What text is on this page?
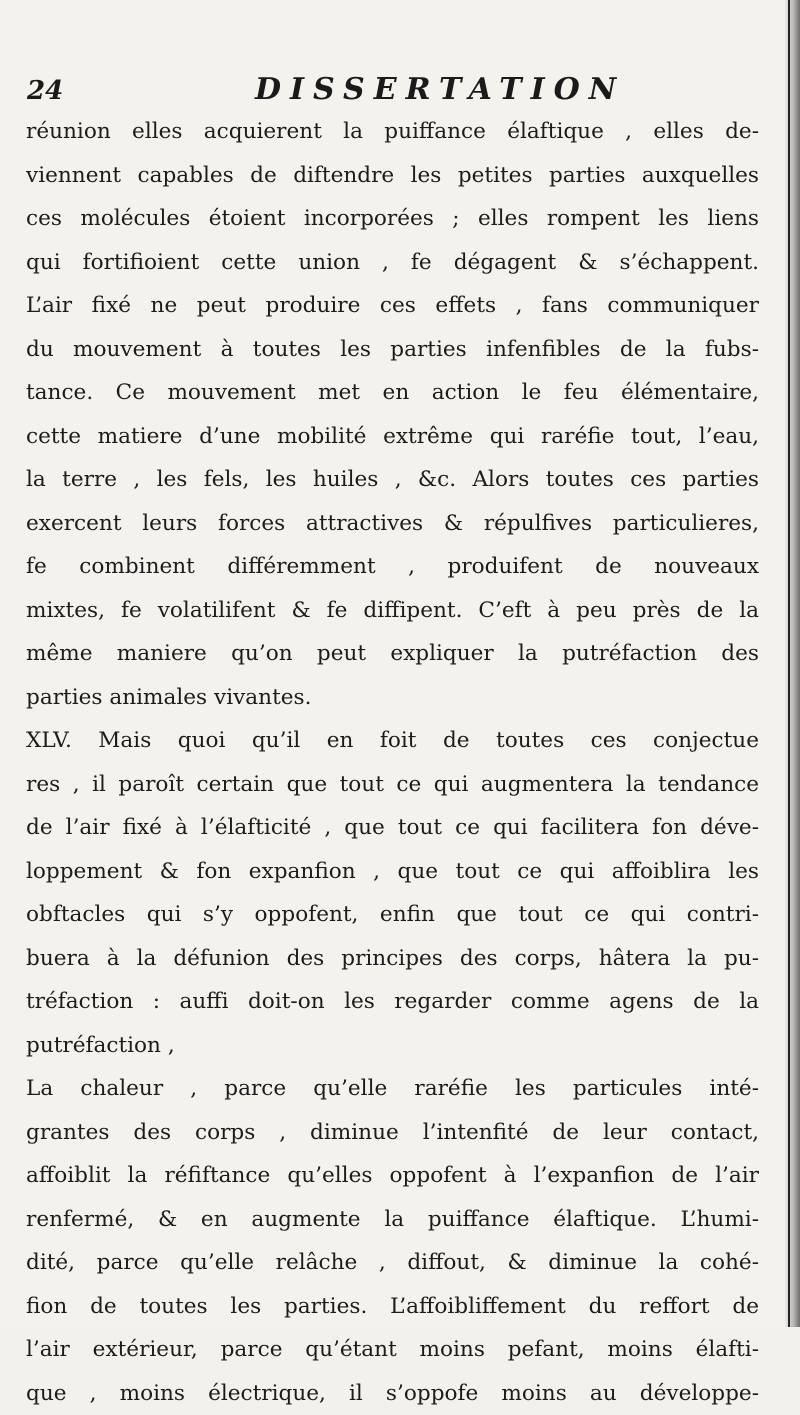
24	DISSERTATION
réunion elles acquierent la puiffance élaftique , elles de-
viennent capables de diftendre les petites parties auxquelles
ces molécules étoient incorporées ; elles rompent les liens
qui fortifioient cette union , fe dégagent & s’échappent.
L’air fixé ne peut produire ces effets , fans communiquer
du mouvement à toutes les parties infenfibles de la fubs-
tance. Ce mouvement met en action le feu élémentaire,
cette matiere d’une mobilité extrême qui raréfie tout, l’eau,
la terre , les fels, les huiles , &c. Alors toutes ces parties
exercent leurs forces attractives & répulfives particulieres,
fe combinent différemment , produifent de nouveaux
mixtes, fe volatilifent & fe diffipent. C’eft à peu près de la
même maniere qu’on peut expliquer la putréfaction des
parties animales vivantes.
XLV. Mais quoi qu’il en foit de toutes ces conjectue
res , il paroît certain que tout ce qui augmentera la tendance
de l’air fixé à l’élafticité , que tout ce qui facilitera fon déve-
loppement & fon expanfion , que tout ce qui affoiblira les
obftacles qui s’y oppofent, enfin que tout ce qui contri-
buera à la défunion des principes des corps, hâtera la pu-
tréfaction : auffi doit-on les regarder comme agens de la
putréfaction ,
La chaleur , parce qu’elle raréfie les particules inté-
grantes des corps , diminue l’intenfité de leur contact,
affoiblit la réfiftance qu’elles oppofent à l’expanfion de l’air
renfermé, & en augmente la puiffance élaftique. L’humi-
dité, parce qu’elle relâche , diffout, & diminue la cohé-
fion de toutes les parties. L’affoibliffement du reffort de
l’air extérieur, parce qu’étant moins pefant, moins élafti-
que , moins électrique, il s’oppofe moins au développe-
